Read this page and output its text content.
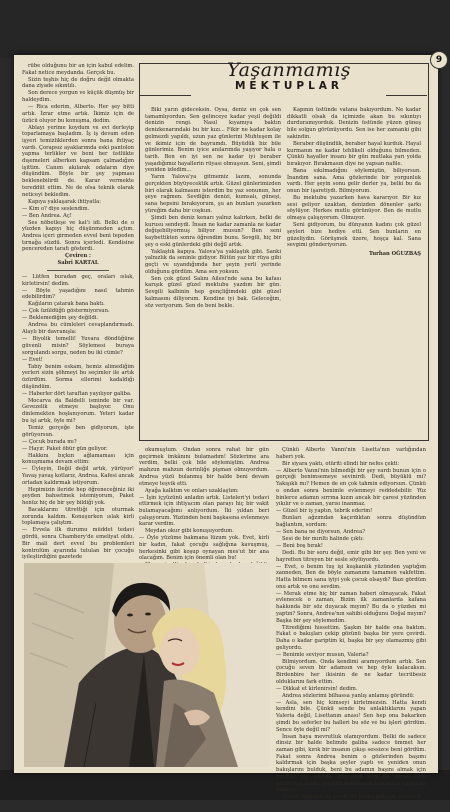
rübe olduğunu bir an için kabul edelim. Fakat netice meydanda. Gerçek bu.

Sizin teşhis hiç de doğru değil olmakta dana ziyade sıkıntılı.

Son derece yorgun ve küçük düşmüş bir haldeydim.

— Rica ederim, Alberto. Her şey bitti artık. İzrar etme artık. İkimiz için de üzücü oluyor bu konuşma, dedim.

Ablayı yerime koydum ve evi derleyip toparlamaya başladım. İş iş devam eden işyeri temizliklerden sonra bana ihtiyaç vardı. Çorapsız ayaklarımda eski pantolon yapma terlikler ve beni her üstlükte dışemeleri alberken kapsam çalmadığım işittim. Canım akılarak odaların diye düşündüm. Böyle bir şey yapması beklenebilirdi de. Karar vermekte tereddüt ettim. Ne de olsa teknik olarak neticeyi bekledim.

Kapıya yaklaşarak ihtiyatla:

— Kim o? diye seslendim.

— Ben Andrea. Aç!

Ses nöbetleşe ve kat'i idi. Belki de o yüzden kapıyı hiç düşünmeden açtım. Andrea içeri girmeden evvel beni tepeden tırnağa süzdü. Sonra içerledi. Kendisine pencereden tarafı gösterdi.

Çeviren :

Sabri KARTAL

— Lütfen buradan geç, oraları ıslak, kirletirsin! dedim.

— Böyle yaşadığını nasıl tahmin edebilirdim?

Kağıların çatarak bana baktı.

— Çok üzüldüğü göstermiyorsun.

— Beklemediğim şey değildi.

Andrea bu cümleleri cevaplandırmadı. Alaylı bir davranışla:

— Biyolik temelli! Yuvara döndüğüne güvenli misin? Söylemesi buraya sorgulandı sorgu, neden bu iki cümle?

— Evet!

Tabiy benim eskam, hemiz alimediğim yerleri sizin şöhmeyi bu seçimler ile artık özürdüm. Sorma ellerimi kadaldığı düşündüm.

— Haberler dört taraftan yayılıyor galiba.

Mocarva da Baldelli isminde bir var. Gevezelik etmeye başlıyor. Onu dinlemekten hoşlanıyorum. Yeteri kadar bu işi artık, öyle mi?

Temiz gerçeğe ben gidiyorum, işte görüyorsun.

— Çocuk burada mı?

— Hayır. Paket öbür gün geliyor.

Hakkını bıçkın ağlamaması için konuşmama devam ettim:

— Üyleyin, Değil değil artık, yürüyor! Yavaş yavaş kotlarız, Andrea. Kafesi ancak ortadan kaldırmak istiyorum.

Hepimizin ileride hep öğreneceğiniz iki şeyden bahsetmek istemiyorum, Paket henüz hiç de bir şey bildiği yok.

Bacaklarını titrettiği için oturmak zorunda kaldım. Konuşurken ıslak kirli toplamaya çalıştım.

— Evvela ilk durumu müddet tedavi gördü, sonra Chambery'de emeliyat oldu. Bir mali dert evvel bu problemleri kontrolüm ayarında tutulan bir çocuğu iyileştirdiğini gazetede

Yaşanmamış
MEKTUPLAR

Biki yarın gideceksin. Oysa, deniz en çok sen tamamlıyordun. Sen gelinceye kadar yeşil değildi denizin rengi. Nasıl kıyamıya baktın denizkenarındaki bu bir kızı... Fikir ne kadar kolay gelmezdi yapıldı, uzun yaz günlerini Muhteşem ile ve ikimiz için de bayramdı. Büyüdük biz bile günlerimiz. Benim iyice anılarımda yaşıyor hala o tarih. Ben en iyi sen ne kadar iyi beraber yaşadığımız hayallerin rüyası olmuşsun. Seni, şimdi yeniden izledim...

Yarın Yalova'ya gitmemiz lazım, sonunda gerçekten büyüyecektik artık. Güzel günlerimizden biri olarak kalmasını isterdim bu yaz sonunun, her şeye rağmen. Sevdiğin denizi, kumsalı, güneşi, sana hepsini bırakıyorum, şu an bunları yazarken yüreğim daha bir coşkun.

Şimdi ben deniz kenarı yalnız kalırken, belki de kurusu sendeydi. İnsan ne kadar zamanla ne kadar değişebiliyormuş biliyor musun? Ben seni kaybettikten sonra öğrendim bunu. Sevgili, hiç bir şey o eski günlerdeki gibi değil artık.

Yaklaştık kapıya. Yalova'ya yaklaştık gibi. Sanki yalnızlık da seninle gidiyor. Bütün yaz bir rüya gibi geçti ve uyandığımda her şeyin yerli yerinde olduğunu gördüm. Ama sen yoksun.

Sen çok güzel Salını Ailesi'nde sana bu kafası karışık güzel güzel mektubu yazdım bir gün. Sevgili kalbinin hep gençliğimdeki gibi güzel kalmasını diliyorum. Kendine iyi bak. Geleceğim, söz veriyorum. Sen de beni bekle.

Kapının üstünde vatana bakıyordum. Ne kadar dikkatli olsak da içimizde akan bu sıkıntıyı durduramıyorduk. Denizin üstünde yüzen güneş bile solgun görünüyordu. Sen ise her zamanki gibi sakindin.

Beraber düşündük, beraber hayal kurduk. Hayal kurmanın ne kadar tehlikeli olduğunu bilmeden. Çünkü hayaller insanı bir gün mutlaka yarı yolda bırakıyor. Bırakmasın diye ne yapsan nafile.

Bana sıkılmadığını söylemiştin, biliyorsun. İnandım sana. Ama gözlerinde bir yorgunluk vardı. Her şeyin sonu gelir derler ya, belki bu da onun bir işaretiydi. Bilmiyorum.

Bu mektubu yazarken hava kararıyor. Bir kız sesi geliyor uzaktan, denizden dönenler şarkı söylüyor. Herkes mutlu görünüyor. Ben de mutlu olmaya çalışıyorum. Olmuyor.

Seni gidiyorum, bu dünyanın kadını çok güzel şeyleri bize hediye etti. Sen bunların en güzeliydin. Görüşmek üzere, hoşça kal. Sana sevgimi gönderiyorum.

Turhan OĞUZBAŞ

okumuştum. Ondan sonra rahat bir gün geçirmek imkânını bulamadım! Sözlerime ara verdim, belki çok bile söylemiştim. Andrea mahzun mahzun derinliğe pişman olmuyordum. Andrea yüzü bulanmış bir halde beni devam etmeye teşvik etti.

Ayağa kalktım ve onları uzaklaştım:

— İşin içyüzünü anladın artık. Listeleri'yi tedavi ettirmek için ihtiyacım olan parayı hiç bir vakit bulamayacağımı anlıyordum. İki yıldan beri çalışıyorum. Yüzünden beni başkasına evlenmeye karar verdim.

Meydan okur gibi konuşuyordum.

— Öyle yüzüme bakmana lüzum yok. Evet, kirli bir kadın, fakat çocuğu sağlığına kavuşmuş, herkesinki gibi koşup oynayan mes'ut bir ana olacağım. Benim için önemli olan bu!

Çünkü Alberto Vanni'nin Lisetta'nın varlığından haberi yok.

Bir siyara yaktı, otüriti elindi bir nefes çekti:

— Alberto Vanni'nin bilmediği bir şey vardı bunun için o gerçeği benimsemeye sevinirdi. Dedi, büyüklü mi? Yakışıklı mı? Hemen de en çok tahmin ediyorsun. Çünkü o ondan sonra benimle evlenmeyi reddedebilir. Yüz binlerce adamın sırrına kızın ancak bir çaresi yüzünden yıkılır ve o zaman, yarısı inanmaz.

— Güzel bir iş yaptın, tebrik ederim!

Bunları ağzımdan kaçırdıktan sonra düşündüm bağlantım, sordum:

— Sen bana ne diyorsun, Andrea?

Sesi de bir mırıltı halinde çıktı:

— Beni boş bırak!

Dedi. Bu bir soru değil, emir gibi bir şey. Ben yeni ve hayretten titreyen bir sesle söylüyordu.

— Evet, o benim tuş işi kuşkanlık yüzünden yaptığım zanneden, Ben de böyle zamanımı tamamen vakfettim. Hatta bilmem sana iyiyi yok çocuk olsaydı? Bazı gördüm onu artık ve onu sevdim.

— Merak etme hiç bir zaman haberi olmayacak. Fakat evlenecek o zaman, Bizim ilk zamanlarda kafana hakkında bir söz duyacak mıyım? Bu da o yüzden mi yaptın? Sonra, Andrea'nın sahibi olduğunu Doğal mıyım? Başka bir şey söylemedim.

Titrediğimi hissettim. Şaşkın bir halde ona baktım. Fakat o bakışları çekip gözünü başka bir yere çevirdi. Daha o kadar gariptim ki, başka bir şey olamazmış gibi geliyordu.

— Benimle seviyor musun, Valeria?

Bilmiyordum. Onda kendimi aramıyordum artık. Sen çocuğu seven bir adamsın ve hep öyle kalacaksın. Birdenbire her ikisinin de ne kadar tecrübesiz olduklarını fark ettim.

— Dikkat et kirlenirsin! dedim.

Andrea sözlerimi bilhassa yanlış anlamış göründü:

— Asla, sen hiç kimseyi kirletmezsin. Hatta kendi kendini bile. Çünkü sende bu anlaktıklarını yapan Valeria değil, Lisettanın anası! Sen hep ona bakarken şimdi bu seferler bu halleri bu söz ve bu işleri gördüm. Sence öyle değil mi?

İnsan haya mevrutluk olamıyordum. Belki de sadece dinsiz bir halde belimde galiba sadece ümmet her zaman gibi, kırık bir insanın çıkışı sessizce beni gördüm. Fakat sonra Andrea benim o gözlerinden başımı kaldırmak için başka şeyler yaptı ve yeniden onun bakışlarını bulduk, beni bu adamın başını almak için mecbur bir şekilde ayrı ama hem de ancak beni görmeden başka şeylerle konuşacak bakımdan yapmaya yaklaştı.

Çünkü ölmeden bu yerde bir başka pek çok yaşları ü.

SON

9
